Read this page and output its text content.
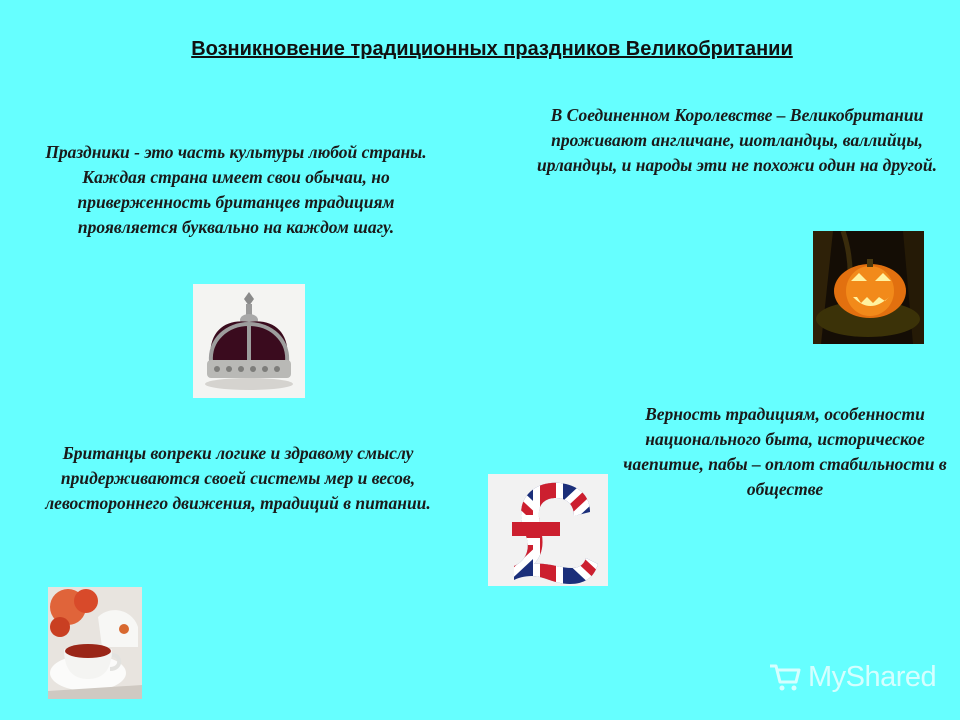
Возникновение традиционных праздников Великобритании
Праздники - это часть культуры любой страны. Каждая страна имеет свои обычаи, но приверженность британцев традициям проявляется буквально на каждом шагу.
В Соединенном Королевстве – Великобритании проживают англичане, шотландцы, валлийцы, ирландцы, и народы эти не похожи один на другой.
Британцы вопреки логике и здравому смыслу придерживаются своей системы мер и весов, левостороннего движения, традиций в питании.
Верность традициям, особенности национального быта, историческое чаепитие, пабы – оплот стабильности в обществе
MyShared
